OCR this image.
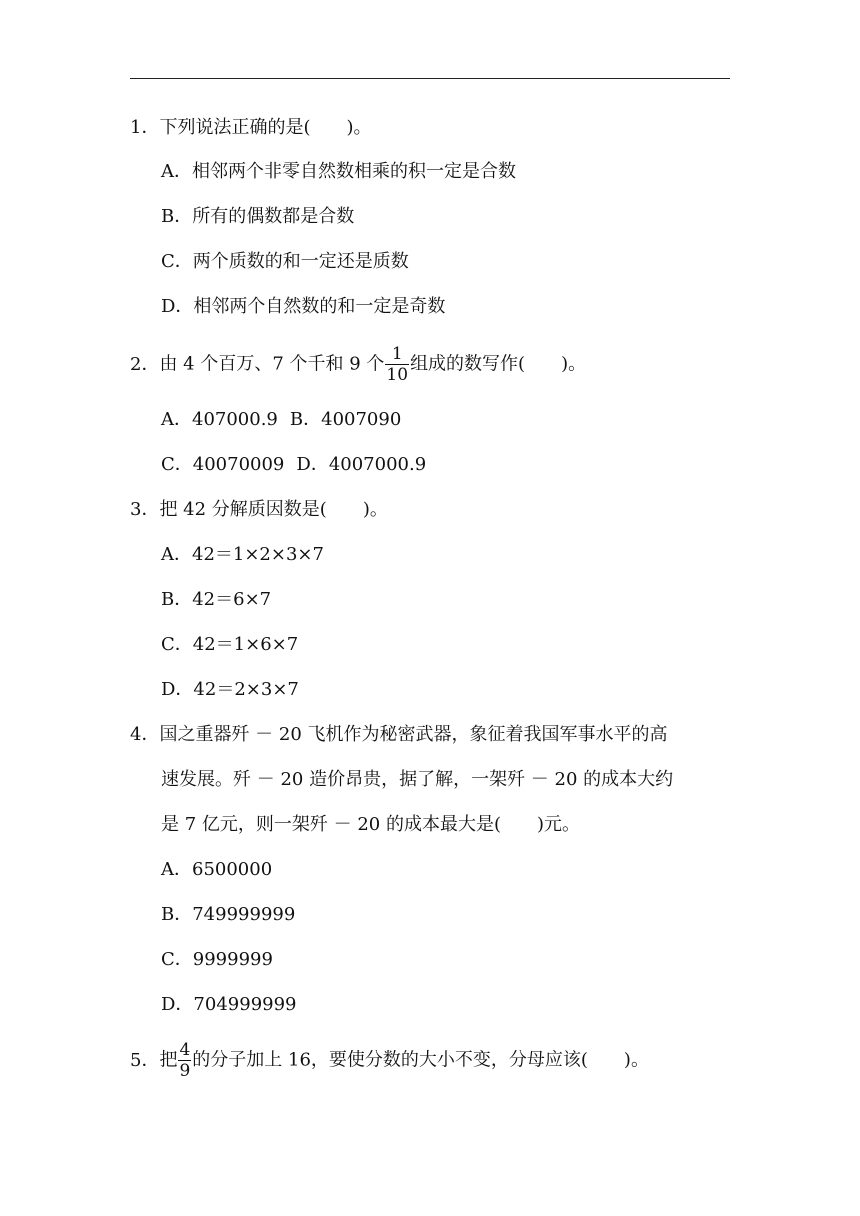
1．下列说法正确的是(　　)。
A．相邻两个非零自然数相乘的积一定是合数
B．所有的偶数都是合数
C．两个质数的和一定还是质数
D．相邻两个自然数的和一定是奇数
2．由 4 个百万、7 个千和 9 个 $\frac{1}{10}$ 组成的数写作(　　)。
A．407000.9 B．4007090
C．40070009 D．4007000.9
3．把 42 分解质因数是(　　)。
A．42＝1×2×3×7
B．42＝6×7
C．42＝1×6×7
D．42＝2×3×7
4．国之重器歼 － 20 飞机作为秘密武器，象征着我国军事水平的高
速发展。歼 － 20 造价昂贵，据了解，一架歼 － 20 的成本大约
是 7 亿元，则一架歼 － 20 的成本最大是(　　)元。
A．6500000
B．749999999
C．9999999
D．704999999
5．把 $\frac{4}{9}$ 的分子加上 16，要使分数的大小不变，分母应该(　　)。
